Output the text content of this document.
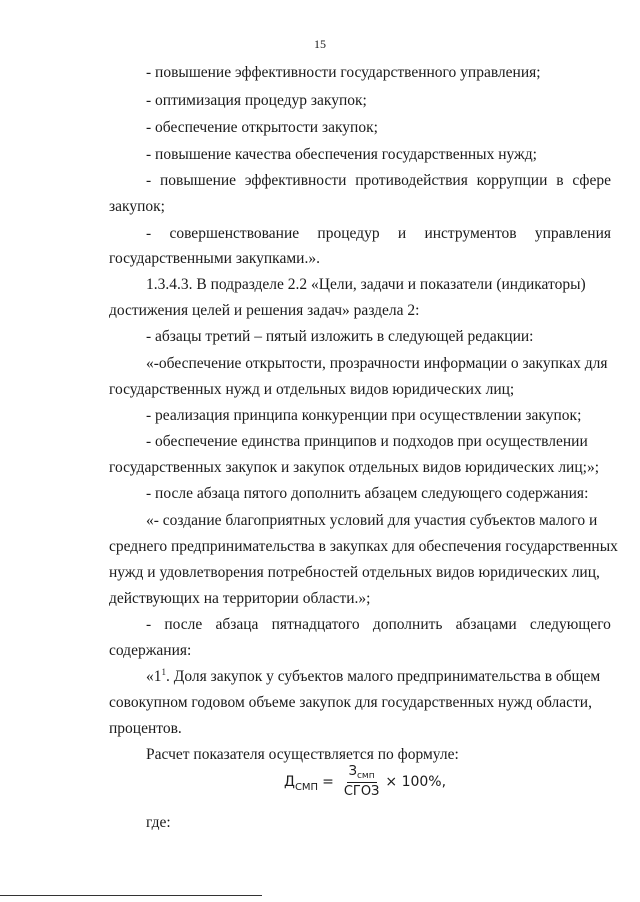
15
- повышение эффективности государственного управления;
- оптимизация процедур закупок;
- обеспечение открытости закупок;
- повышение качества обеспечения государственных нужд;
- повышение эффективности противодействия коррупции в сфере
закупок;
- совершенствование процедур и инструментов управления
государственными закупками.».
1.3.4.3. В подразделе 2.2 «Цели, задачи и показатели (индикаторы)
достижения целей и решения задач» раздела 2:
- абзацы третий – пятый изложить в следующей редакции:
«-обеспечение открытости, прозрачности информации о закупках для
государственных нужд и отдельных видов юридических лиц;
- реализация принципа конкуренции при осуществлении закупок;
- обеспечение единства принципов и подходов при осуществлении
государственных закупок и закупок отдельных видов юридических лиц;»;
- после абзаца пятого дополнить абзацем следующего содержания:
«- создание благоприятных условий для участия субъектов малого и
среднего предпринимательства в закупках для обеспечения государственных
нужд и удовлетворения потребностей отдельных видов юридических лиц,
действующих на территории области.»;
- после абзаца пятнадцатого дополнить абзацами следующего
содержания:
«$1^1$. Доля закупок у субъектов малого предпринимательства в общем
совокупном годовом объеме закупок для государственных нужд области,
процентов.
Расчет показателя осуществляется по формуле:
$Д_{СМП} = \frac{З_{смп}}{\text{СГОЗ}} \times 100\%$,
где:
